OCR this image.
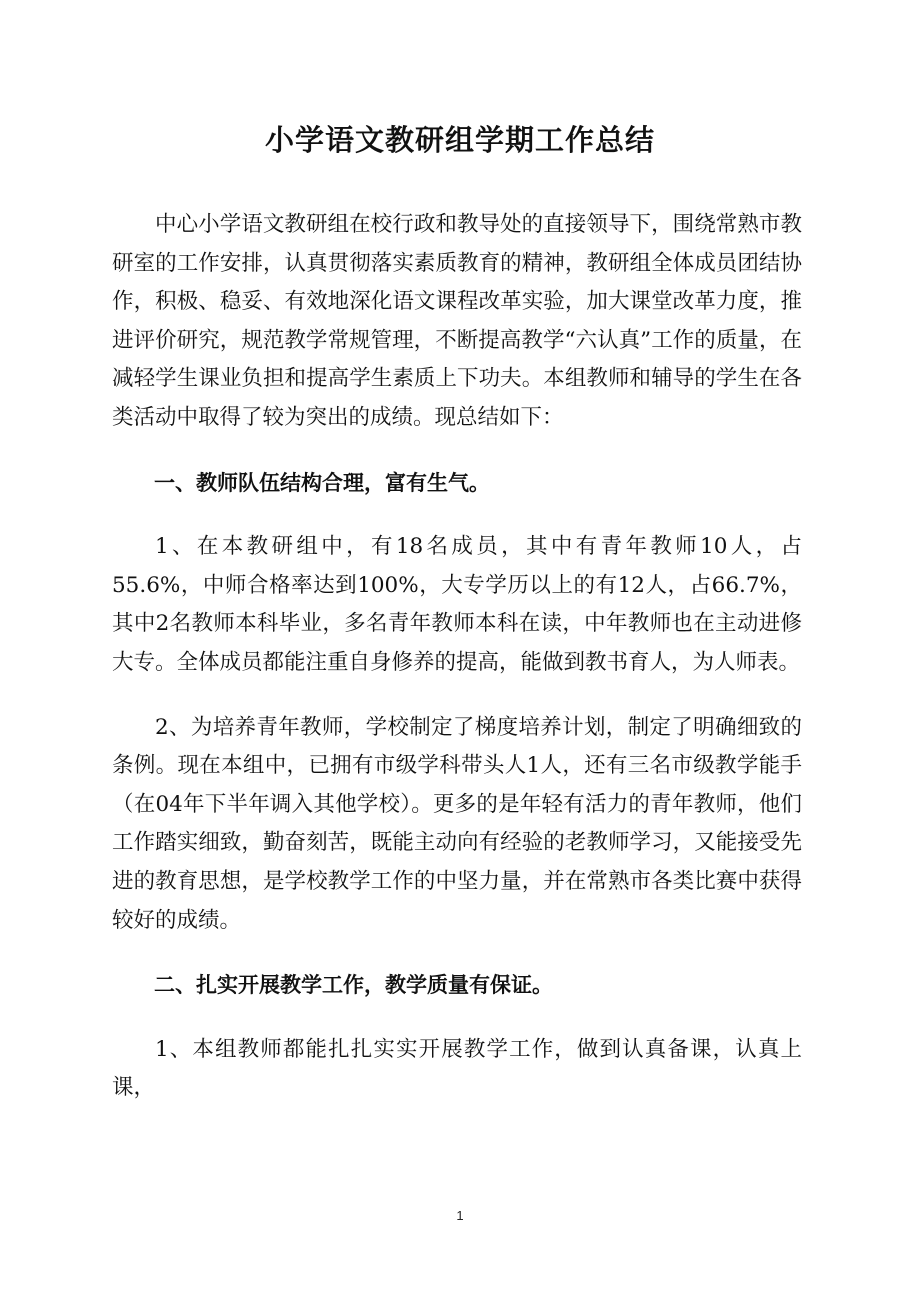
小学语文教研组学期工作总结

中心小学语文教研组在校行政和教导处的直接领导下，围绕常熟市教研室的工作安排，认真贯彻落实素质教育的精神，教研组全体成员团结协作，积极、稳妥、有效地深化语文课程改革实验，加大课堂改革力度，推进评价研究，规范教学常规管理，不断提高教学“六认真”工作的质量，在减轻学生课业负担和提高学生素质上下功夫。本组教师和辅导的学生在各类活动中取得了较为突出的成绩。现总结如下：

一、教师队伍结构合理，富有生气。

1、在本教研组中，有18名成员，其中有青年教师10人，占55.6%，中师合格率达到100%，大专学历以上的有12人，占66.7%，其中2名教师本科毕业，多名青年教师本科在读，中年教师也在主动进修大专。全体成员都能注重自身修养的提高，能做到教书育人，为人师表。

2、为培养青年教师，学校制定了梯度培养计划，制定了明确细致的条例。现在本组中，已拥有市级学科带头人1人，还有三名市级教学能手（在04年下半年调入其他学校）。更多的是年轻有活力的青年教师，他们工作踏实细致，勤奋刻苦，既能主动向有经验的老教师学习，又能接受先进的教育思想，是学校教学工作的中坚力量，并在常熟市各类比赛中获得较好的成绩。

二、扎实开展教学工作，教学质量有保证。

1、本组教师都能扎扎实实开展教学工作，做到认真备课，认真上课，

1
